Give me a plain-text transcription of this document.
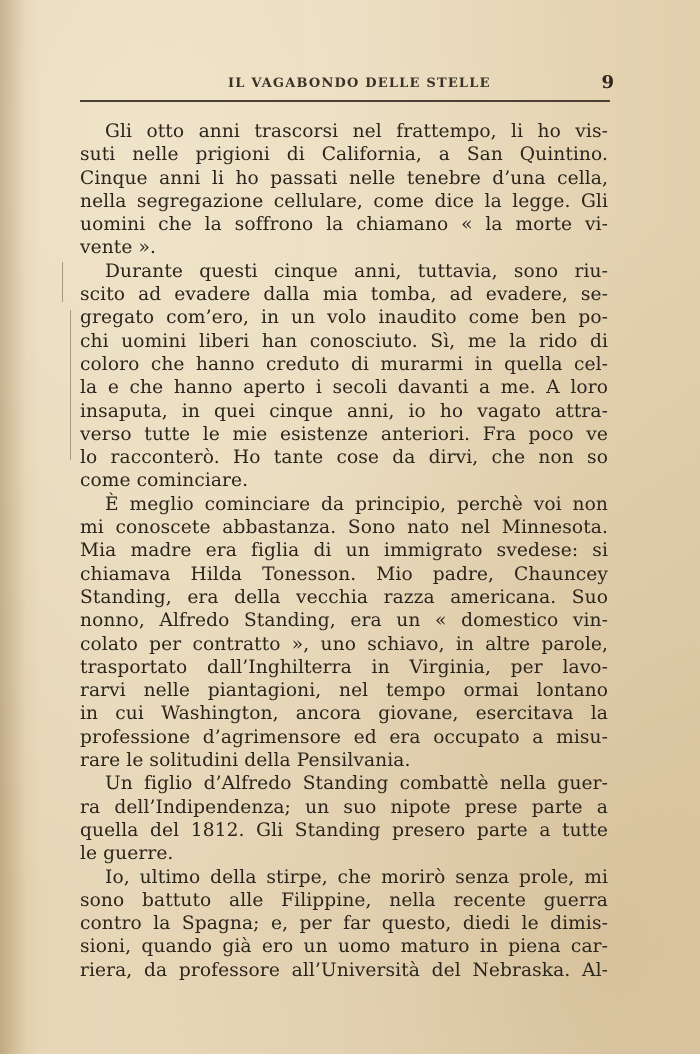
IL VAGABONDO DELLE STELLE	9
Gli otto anni trascorsi nel frattempo, li ho vis-
suti nelle prigioni di California, a San Quintino.
Cinque anni li ho passati nelle tenebre d’una cella,
nella segregazione cellulare, come dice la legge. Gli
uomini che la soffrono la chiamano « la morte vi-
vente ».
Durante questi cinque anni, tuttavia, sono riu-
scito ad evadere dalla mia tomba, ad evadere, se-
gregato com’ero, in un volo inaudito come ben po-
chi uomini liberi han conosciuto. Sì, me la rido di
coloro che hanno creduto di murarmi in quella cel-
la e che hanno aperto i secoli davanti a me. A loro
insaputa, in quei cinque anni, io ho vagato attra-
verso tutte le mie esistenze anteriori. Fra poco ve
lo racconterò. Ho tante cose da dirvi, che non so
come cominciare.
È meglio cominciare da principio, perchè voi non
mi conoscete abbastanza. Sono nato nel Minnesota.
Mia madre era figlia di un immigrato svedese: si
chiamava Hilda Tonesson. Mio padre, Chauncey
Standing, era della vecchia razza americana. Suo
nonno, Alfredo Standing, era un « domestico vin-
colato per contratto », uno schiavo, in altre parole,
trasportato dall’Inghilterra in Virginia, per lavo-
rarvi nelle piantagioni, nel tempo ormai lontano
in cui Washington, ancora giovane, esercitava la
professione d’agrimensore ed era occupato a misu-
rare le solitudini della Pensilvania.
Un figlio d’Alfredo Standing combattè nella guer-
ra dell’Indipendenza; un suo nipote prese parte a
quella del 1812. Gli Standing presero parte a tutte
le guerre.
Io, ultimo della stirpe, che morirò senza prole, mi
sono battuto alle Filippine, nella recente guerra
contro la Spagna; e, per far questo, diedi le dimis-
sioni, quando già ero un uomo maturo in piena car-
riera, da professore all’Università del Nebraska. Al-
